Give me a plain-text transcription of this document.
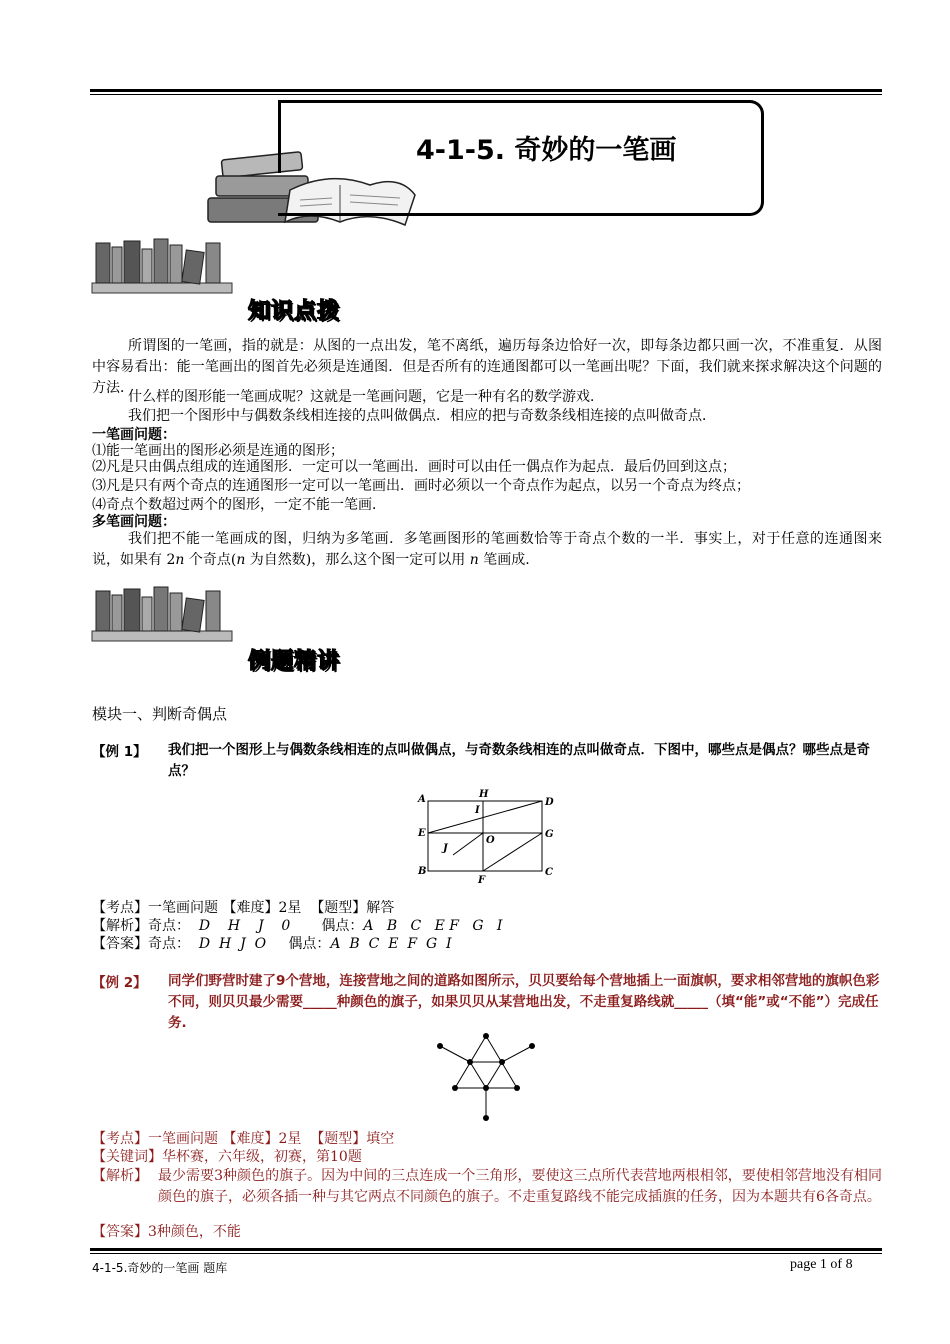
4-1-5. 奇妙的一笔画
知识点拨
所谓图的一笔画，指的就是：从图的一点出发，笔不离纸，遍历每条边恰好一次，即每条边都只画一次，不准重复．从图中容易看出：能一笔画出的图首先必须是连通图．但是否所有的连通图都可以一笔画出呢？下面，我们就来探求解决这个问题的方法．
什么样的图形能一笔画成呢？这就是一笔画问题，它是一种有名的数学游戏．
我们把一个图形中与偶数条线相连接的点叫做偶点．相应的把与奇数条线相连接的点叫做奇点．
一笔画问题：
⑴能一笔画出的图形必须是连通的图形；
⑵凡是只由偶点组成的连通图形．一定可以一笔画出．画时可以由任一偶点作为起点．最后仍回到这点；
⑶凡是只有两个奇点的连通图形一定可以一笔画出．画时必须以一个奇点作为起点，以另一个奇点为终点；
⑷奇点个数超过两个的图形，一定不能一笔画．
多笔画问题：
我们把不能一笔画成的图，归纳为多笔画．多笔画图形的笔画数恰等于奇点个数的一半．事实上，对于任意的连通图来说，如果有 2n 个奇点(n 为自然数)，那么这个图一定可以用 n 笔画成.
例题精讲
模块一、判断奇偶点
【例 1】 我们把一个图形上与偶数条线相连的点叫做偶点，与奇数条线相连的点叫做奇点．下图中，哪些点是偶点？哪些点是奇点？
A	H
D
I
E	G
O
J
B
F
C
【考点】一笔画问题 【难度】2星 【题型】解答
【解析】奇点： D    H    J    0 偶点：A   B   C   E F   G   I
【答案】奇点： D  H  J  O 偶点：A  B  C  E  F  G  I
【例 2】 同学们野营时建了9个营地，连接营地之间的道路如图所示，贝贝要给每个营地插上一面旗帜，要求相邻营地的旗帜色彩不同，则贝贝最少需要_____种颜色的旗子，如果贝贝从某营地出发，不走重复路线就_____（填“能”或“不能”）完成任务.
【考点】一笔画问题 【难度】2星 【题型】填空
【关键词】华杯赛，六年级，初赛，第10题
【解析】 最少需要3种颜色的旗子。因为中间的三点连成一个三角形，要使这三点所代表营地两根相邻，要使相邻营地没有相同颜色的旗子，必须各插一种与其它两点不同颜色的旗子。不走重复路线不能完成插旗的任务，因为本题共有6各奇点。
【答案】3种颜色，不能
4-1-5.奇妙的一笔画 题库	page 1 of 8
